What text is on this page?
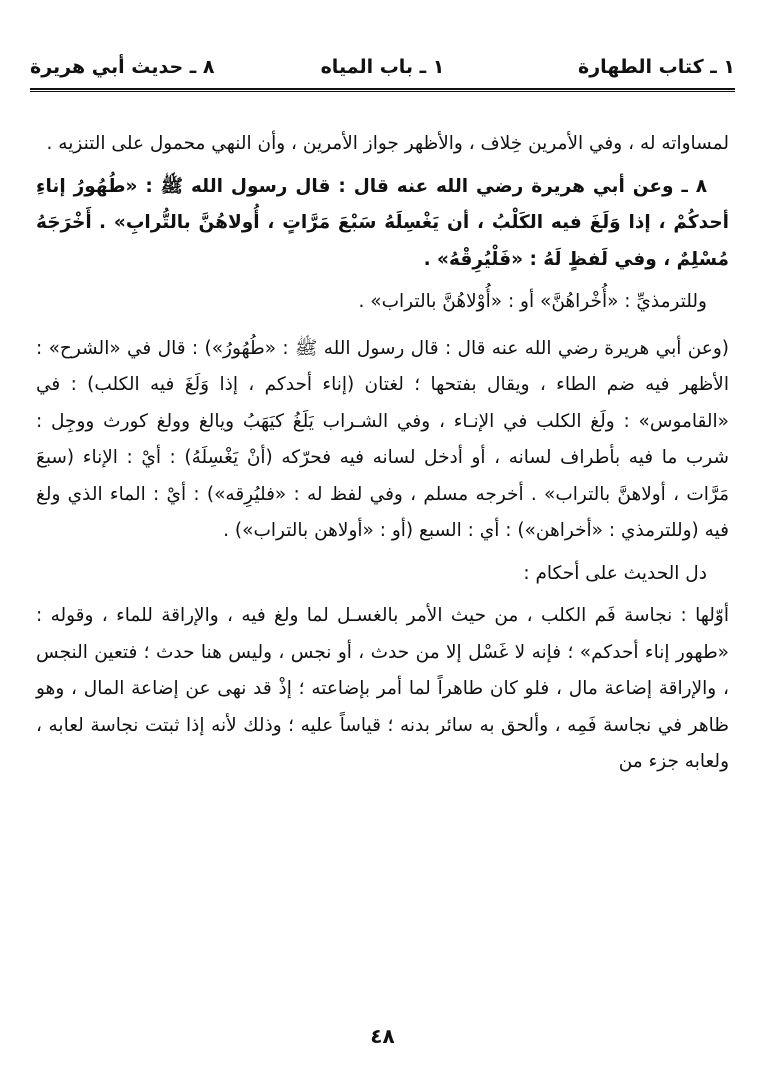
١ ـ كتاب الطهارة
١ ـ باب المياه
٨ ـ حديث أبي هريرة

لمساواته له ، وفي الأمرين خِلاف ، والأظهر جواز الأمرين ، وأن النهي محمول على التنزيه .

٨ ـ وعن أبي هريرة رضي الله عنه قال : قال رسول الله ﷺ : «طُهُورُ إناءِ أحدكُمْ ، إذا وَلَغَ فيه الكَلْبُ ، أن يَغْسِلَهُ سَبْعَ مَرَّاتٍ ، أُولاهُنَّ بالتُّرابِ» . أَخْرَجَهُ مُسْلِمٌ ، وفي لَفظٍ لَهُ : «فَلْيُرِقْهُ» .

وللترمذيِّ : «أُخْراهُنَّ» أو : «أُوْلاهُنَّ بالتراب» .

(وعن أبي هريرة رضي الله عنه قال : قال رسول الله ﷺ : «طُهُورُ») : قال في «الشرح» : الأظهر فيه ضم الطاء ، ويقال بفتحها ؛ لغتان (إناء أحدكم ، إذا وَلَغَ فيه الكلب) : في «القاموس» : ولَغ الكلب في الإنـاء ، وفي الشـراب يَلَغُ كيَهَبُ ويالغ وولغ كورث ووجِل : شرب ما فيه بأطراف لسانه ، أو أدخل لسانه فيه فحرّكه (أنْ يَغْسِلَهُ) : أيْ : الإناء (سبعَ مَرَّات ، أولاهنَّ بالتراب» . أخرجه مسلم ، وفي لفظ له : «فليُرِقه») : أيْ : الماء الذي ولغ فيه (وللترمذي : «أخراهن») : أي : السبع (أو : «أولاهن بالتراب») .

دل الحديث على أحكام :

أوّلها : نجاسة فَم الكلب ، من حيث الأمر بالغسـل لما ولغ فيه ، والإراقة للماء ، وقوله : «طهور إناء أحدكم» ؛ فإنه لا غَسْل إلا من حدث ، أو نجس ، وليس هنا حدث ؛ فتعين النجس ، والإراقة إضاعة مال ، فلو كان طاهراً لما أمر بإضاعته ؛ إذْ قد نهى عن إضاعة المال ، وهو ظاهر في نجاسة فَمِه ، وألحق به سائر بدنه ؛ قياساً عليه ؛ وذلك لأنه إذا ثبتت نجاسة لعابه ، ولعابه جزء من

٤٨
